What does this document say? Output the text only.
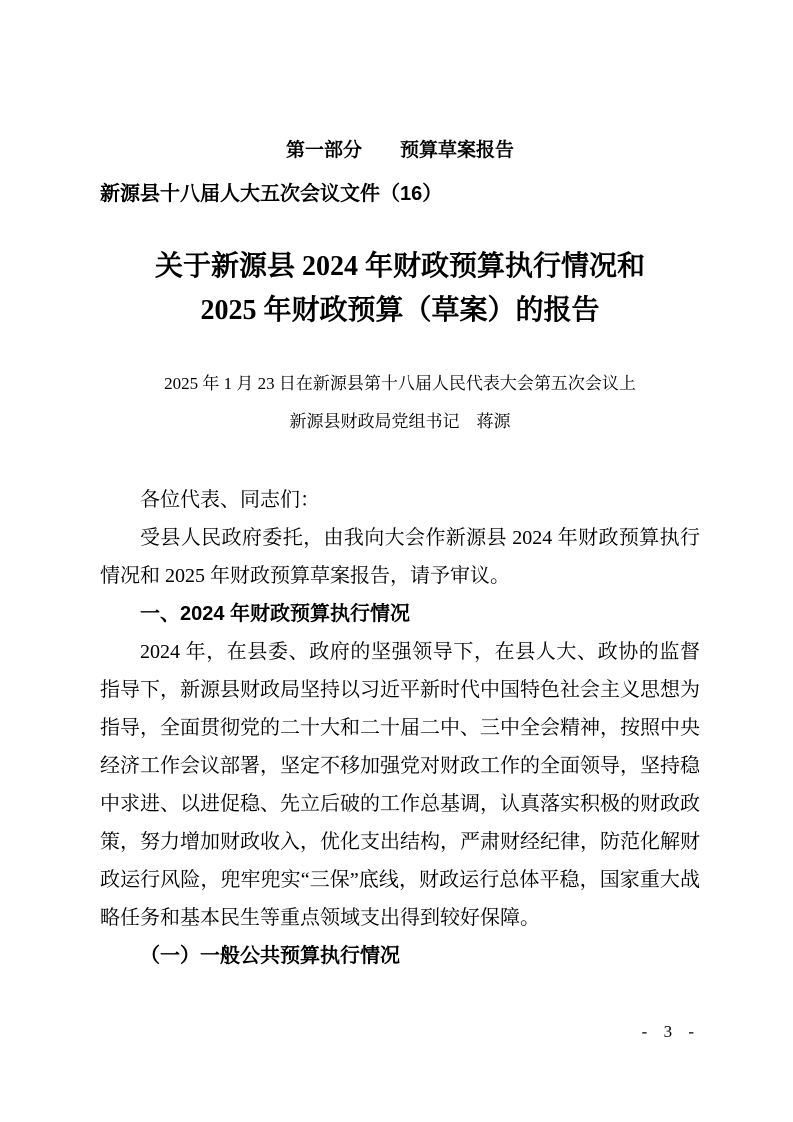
第一部分　　预算草案报告
新源县十八届人大五次会议文件（16）
关于新源县 2024 年财政预算执行情况和
2025 年财政预算（草案）的报告
2025 年 1 月 23 日在新源县第十八届人民代表大会第五次会议上
新源县财政局党组书记　蒋源

各位代表、同志们：

受县人民政府委托，由我向大会作新源县 2024 年财政预算执行情况和 2025 年财政预算草案报告，请予审议。

一、2024 年财政预算执行情况

2024 年，在县委、政府的坚强领导下，在县人大、政协的监督指导下，新源县财政局坚持以习近平新时代中国特色社会主义思想为指导，全面贯彻党的二十大和二十届二中、三中全会精神，按照中央经济工作会议部署，坚定不移加强党对财政工作的全面领导，坚持稳中求进、以进促稳、先立后破的工作总基调，认真落实积极的财政政策，努力增加财政收入，优化支出结构，严肃财经纪律，防范化解财政运行风险，兜牢兜实“三保”底线，财政运行总体平稳，国家重大战略任务和基本民生等重点领域支出得到较好保障。

（一）一般公共预算执行情况

- 3 -
